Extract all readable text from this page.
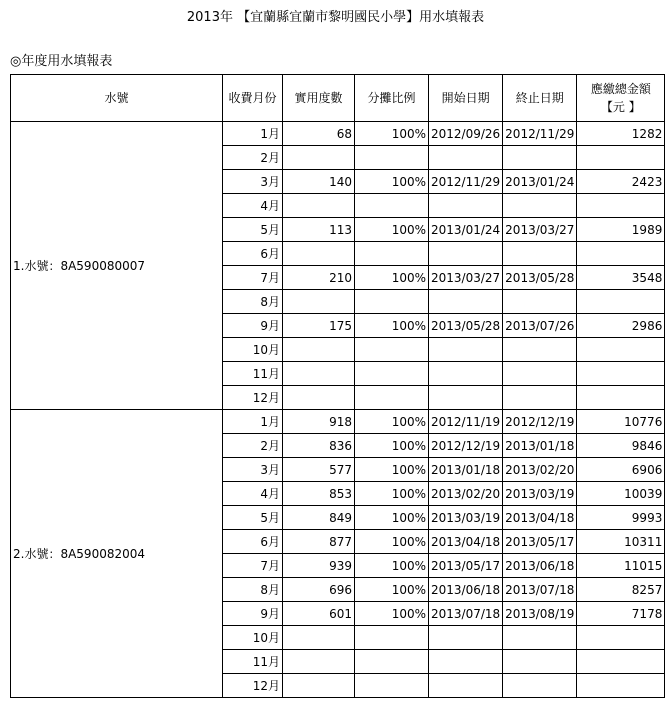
2013年 【宜蘭縣宜蘭市黎明國民小學】用水填報表
◎年度用水填報表
水號	收費月份	實用度數	分攤比例	開始日期	終止日期	應繳總金額
【元 】

1.水號：8A590080007	1月	68	100%	2012/09/26	2012/11/29	1282
	2月					
	3月	140	100%	2012/11/29	2013/01/24	2423
	4月					
	5月	113	100%	2013/01/24	2013/03/27	1989
	6月					
	7月	210	100%	2013/03/27	2013/05/28	3548
	8月					
	9月	175	100%	2013/05/28	2013/07/26	2986
	10月					
	11月					
	12月					
2.水號：8A590082004	1月	918	100%	2012/11/19	2012/12/19	10776
	2月	836	100%	2012/12/19	2013/01/18	9846
	3月	577	100%	2013/01/18	2013/02/20	6906
	4月	853	100%	2013/02/20	2013/03/19	10039
	5月	849	100%	2013/03/19	2013/04/18	9993
	6月	877	100%	2013/04/18	2013/05/17	10311
	7月	939	100%	2013/05/17	2013/06/18	11015
	8月	696	100%	2013/06/18	2013/07/18	8257
	9月	601	100%	2013/07/18	2013/08/19	7178
	10月					
	11月					
	12月					
